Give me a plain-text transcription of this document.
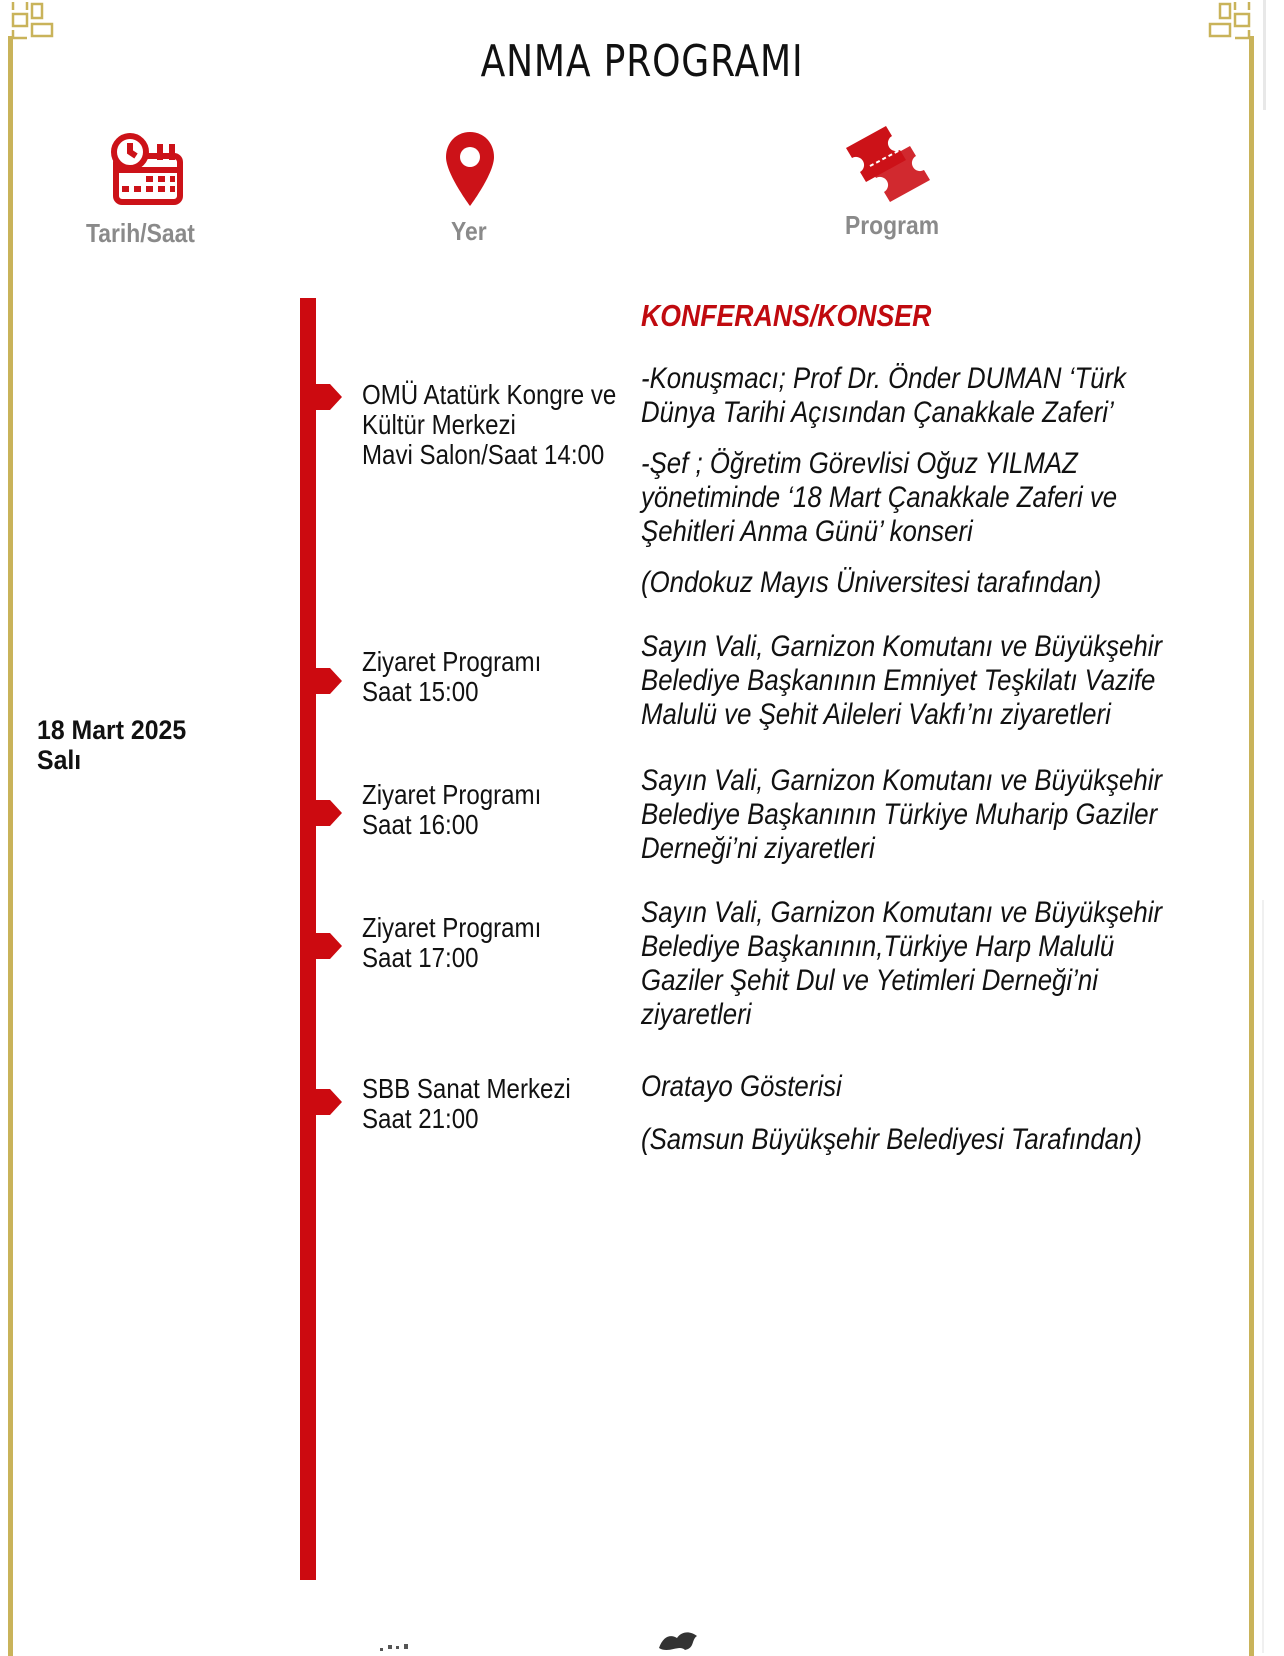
ANMA PROGRAMI
Tarih/Saat	Yer	Program
18 Mart 2025
Salı
OMÜ Atatürk Kongre ve
Kültür Merkezi
Mavi Salon/Saat 14:00
Ziyaret Programı
Saat 15:00
Ziyaret Programı
Saat 16:00
Ziyaret Programı
Saat 17:00
SBB Sanat Merkezi
Saat 21:00
KONFERANS/KONSER

-Konuşmacı; Prof Dr. Önder DUMAN ‘Türk Dünya Tarihi Açısından Çanakkale Zaferi’

-Şef ; Öğretim Görevlisi Oğuz YILMAZ yönetiminde ‘18 Mart Çanakkale Zaferi ve Şehitleri Anma Günü’ konseri

(Ondokuz Mayıs Üniversitesi tarafından)

Sayın Vali, Garnizon Komutanı ve Büyükşehir Belediye Başkanının Emniyet Teşkilatı Vazife Malulü ve Şehit Aileleri Vakfı’nı ziyaretleri

Sayın Vali, Garnizon Komutanı ve Büyükşehir Belediye Başkanının Türkiye Muharip Gaziler Derneği’ni ziyaretleri

Sayın Vali, Garnizon Komutanı ve Büyükşehir Belediye Başkanının,Türkiye Harp Malulü Gaziler Şehit Dul ve Yetimleri Derneği’ni ziyaretleri

Oratayo Gösterisi

(Samsun Büyükşehir Belediyesi Tarafından)
